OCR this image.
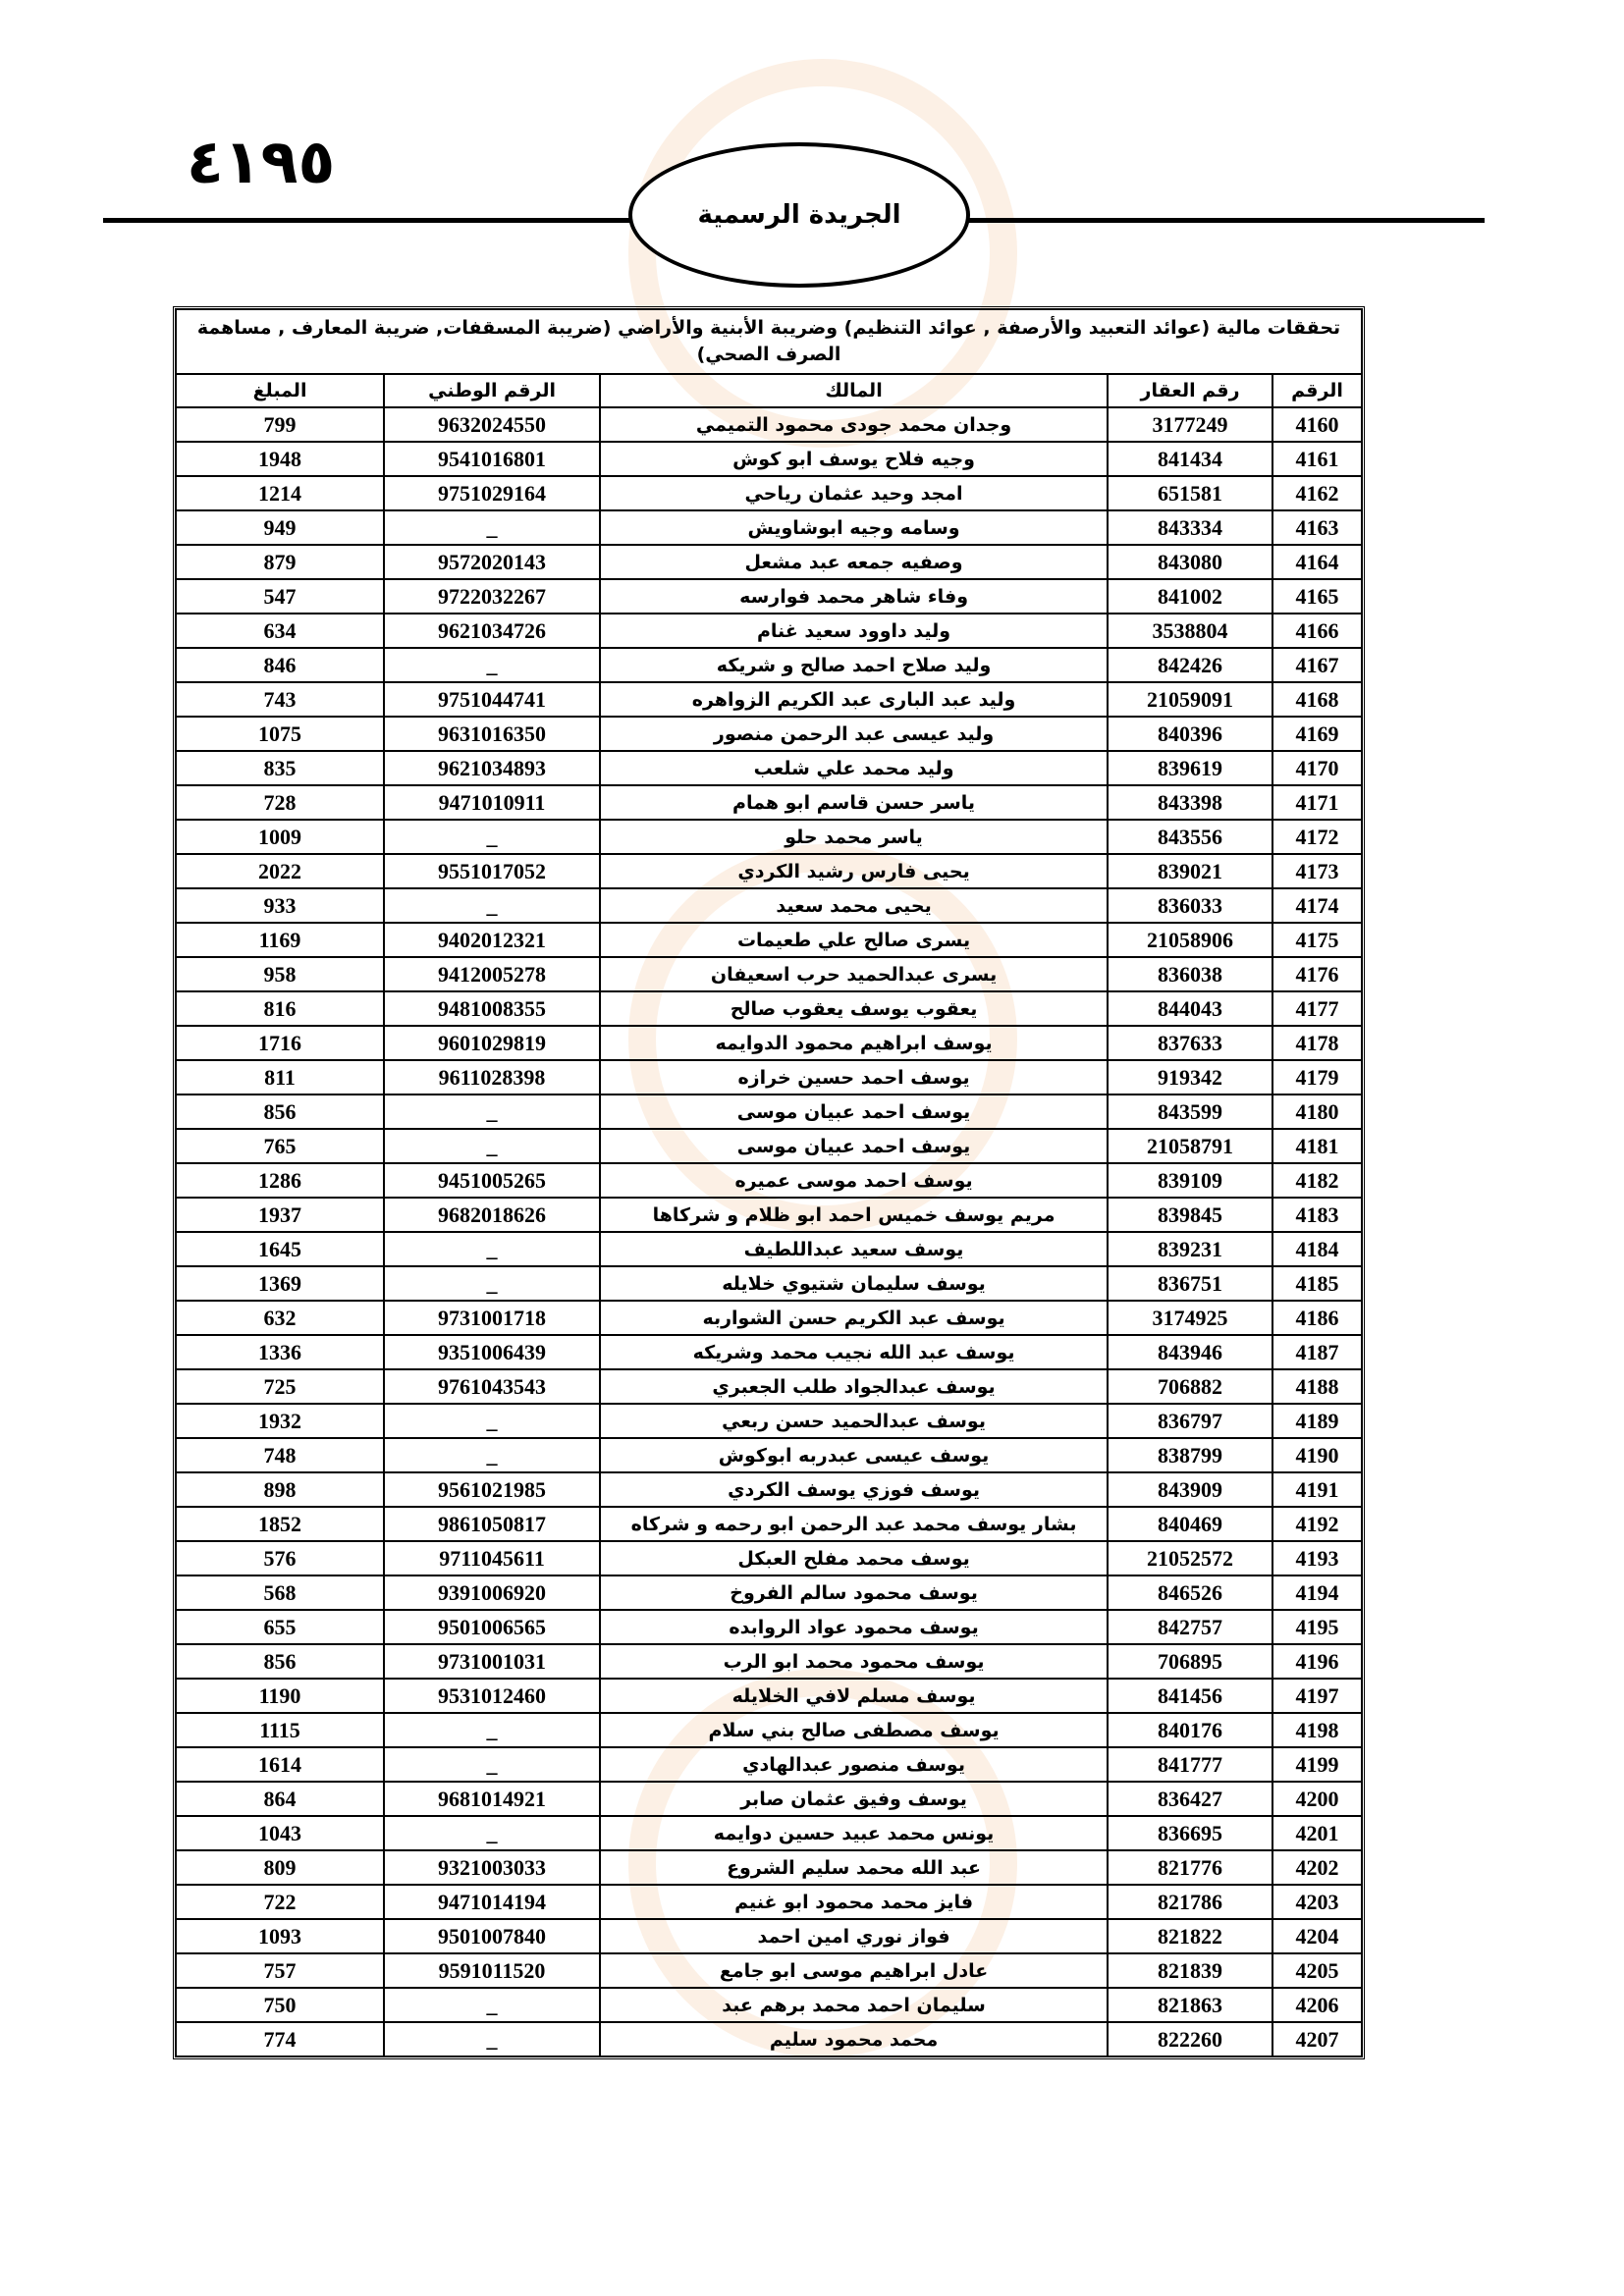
٤١٩٥
الجريدة الرسمية
تحققات مالية (عوائد التعبيد والأرصفة , عوائد التنظيم) وضريبة الأبنية والأراضي (ضريبة المسقفات, ضريبة المعارف , مساهمة الصرف الصحي)				
الرقم	رقم العقار	المالك	الرقم الوطني	المبلغ
4160	3177249	وجدان محمد جودى محمود التميمي	9632024550	799
4161	841434	وجيه فلاح يوسف ابو كوش	9541016801	1948
4162	651581	امجد وحيد عثمان رياحي	9751029164	1214
4163	843334	وسامه وجيه ابوشاويش	_	949
4164	843080	وصفيه جمعه عبد مشعل	9572020143	879
4165	841002	وفاء شاهر محمد فوارسه	9722032267	547
4166	3538804	وليد داوود سعيد غنام	9621034726	634
4167	842426	وليد صلاح احمد صالح و شريكه	_	846
4168	21059091	وليد عبد البارى عبد الكريم الزواهره	9751044741	743
4169	840396	وليد عيسى عبد الرحمن منصور	9631016350	1075
4170	839619	وليد محمد علي شلعب	9621034893	835
4171	843398	ياسر حسن قاسم ابو همام	9471010911	728
4172	843556	ياسر محمد حلو	_	1009
4173	839021	يحيى فارس رشيد الكردي	9551017052	2022
4174	836033	يحيى محمد سعيد	_	933
4175	21058906	يسرى صالح علي طعيمات	9402012321	1169
4176	836038	يسرى عبدالحميد حرب اسعيفان	9412005278	958
4177	844043	يعقوب يوسف يعقوب صالح	9481008355	816
4178	837633	يوسف ابراهيم محمود الدوايمه	9601029819	1716
4179	919342	يوسف احمد حسين خرازه	9611028398	811
4180	843599	يوسف احمد عبيان موسى	_	856
4181	21058791	يوسف احمد عبيان موسى	_	765
4182	839109	يوسف احمد موسى عميره	9451005265	1286
4183	839845	مريم يوسف خميس احمد ابو ظلام و شركاها	9682018626	1937
4184	839231	يوسف سعيد عبداللطيف	_	1645
4185	836751	يوسف سليمان شتيوي خلايله	_	1369
4186	3174925	يوسف عبد الكريم حسن الشواربه	9731001718	632
4187	843946	يوسف عبد الله نجيب محمد وشريكه	9351006439	1336
4188	706882	يوسف عبدالجواد طلب الجعبري	9761043543	725
4189	836797	يوسف عبدالحميد حسن ربعي	_	1932
4190	838799	يوسف عيسى عبدربه ابوكوش	_	748
4191	843909	يوسف فوزي يوسف الكردي	9561021985	898
4192	840469	بشار يوسف محمد عبد الرحمن ابو رحمه و شركاه	9861050817	1852
4193	21052572	يوسف محمد مفلح العبكل	9711045611	576
4194	846526	يوسف محمود سالم الفروخ	9391006920	568
4195	842757	يوسف محمود عواد الروابده	9501006565	655
4196	706895	يوسف محمود محمد ابو الرب	9731001031	856
4197	841456	يوسف مسلم لافي الخلايله	9531012460	1190
4198	840176	يوسف مصطفى صالح بني سلام	_	1115
4199	841777	يوسف منصور عبدالهادي	_	1614
4200	836427	يوسف وفيق عثمان صابر	9681014921	864
4201	836695	يونس محمد عبيد حسين دوايمه	_	1043
4202	821776	عبد الله محمد سليم الشروع	9321003033	809
4203	821786	فايز محمد محمود ابو غنيم	9471014194	722
4204	821822	فواز نوري امين احمد	9501007840	1093
4205	821839	عادل ابراهيم موسى ابو جامع	9591011520	757
4206	821863	سليمان احمد محمد برهم عبد	_	750
4207	822260	محمد محمود سليم	_	774
